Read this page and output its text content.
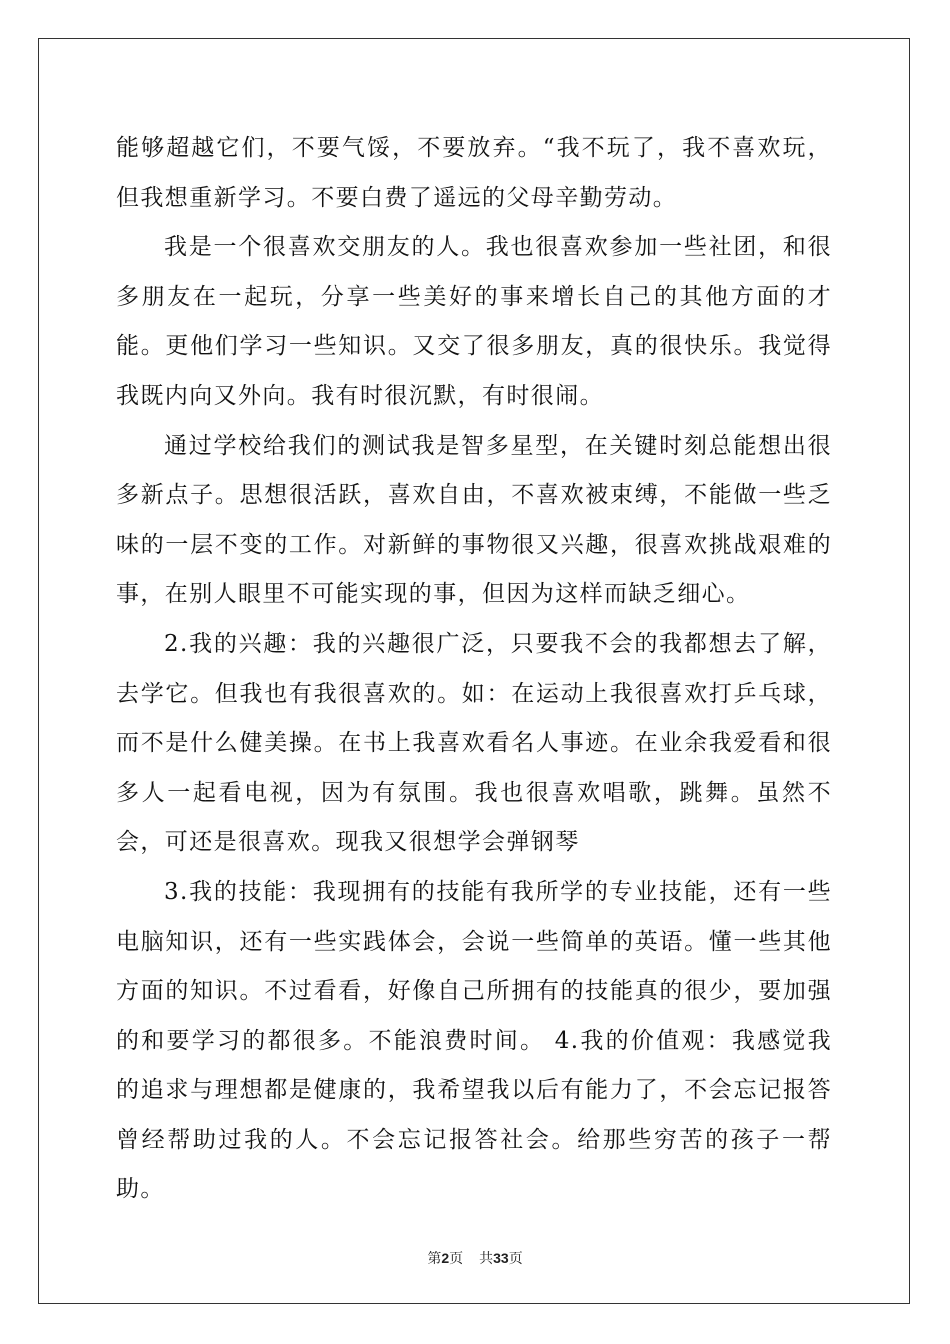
能够超越它们，不要气馁，不要放弃。“我不玩了，我不喜欢玩，但我想重新学习。不要白费了遥远的父母辛勤劳动。

我是一个很喜欢交朋友的人。我也很喜欢参加一些社团，和很多朋友在一起玩，分享一些美好的事来增长自己的其他方面的才能。更他们学习一些知识。又交了很多朋友，真的很快乐。我觉得我既内向又外向。我有时很沉默，有时很闹。

通过学校给我们的测试我是智多星型，在关键时刻总能想出很多新点子。思想很活跃，喜欢自由，不喜欢被束缚，不能做一些乏味的一层不变的工作。对新鲜的事物很又兴趣，很喜欢挑战艰难的事，在别人眼里不可能实现的事，但因为这样而缺乏细心。

2.我的兴趣：我的兴趣很广泛，只要我不会的我都想去了解，去学它。但我也有我很喜欢的。如：在运动上我很喜欢打乒乓球，而不是什么健美操。在书上我喜欢看名人事迹。在业余我爱看和很多人一起看电视，因为有氛围。我也很喜欢唱歌，跳舞。虽然不会，可还是很喜欢。现我又很想学会弹钢琴

3.我的技能：我现拥有的技能有我所学的专业技能，还有一些电脑知识，还有一些实践体会，会说一些简单的英语。懂一些其他方面的知识。不过看看，好像自己所拥有的技能真的很少，要加强的和要学习的都很多。不能浪费时间。 4.我的价值观：我感觉我的追求与理想都是健康的，我希望我以后有能力了，不会忘记报答曾经帮助过我的人。不会忘记报答社会。给那些穷苦的孩子一帮助。

第2页 共33页
